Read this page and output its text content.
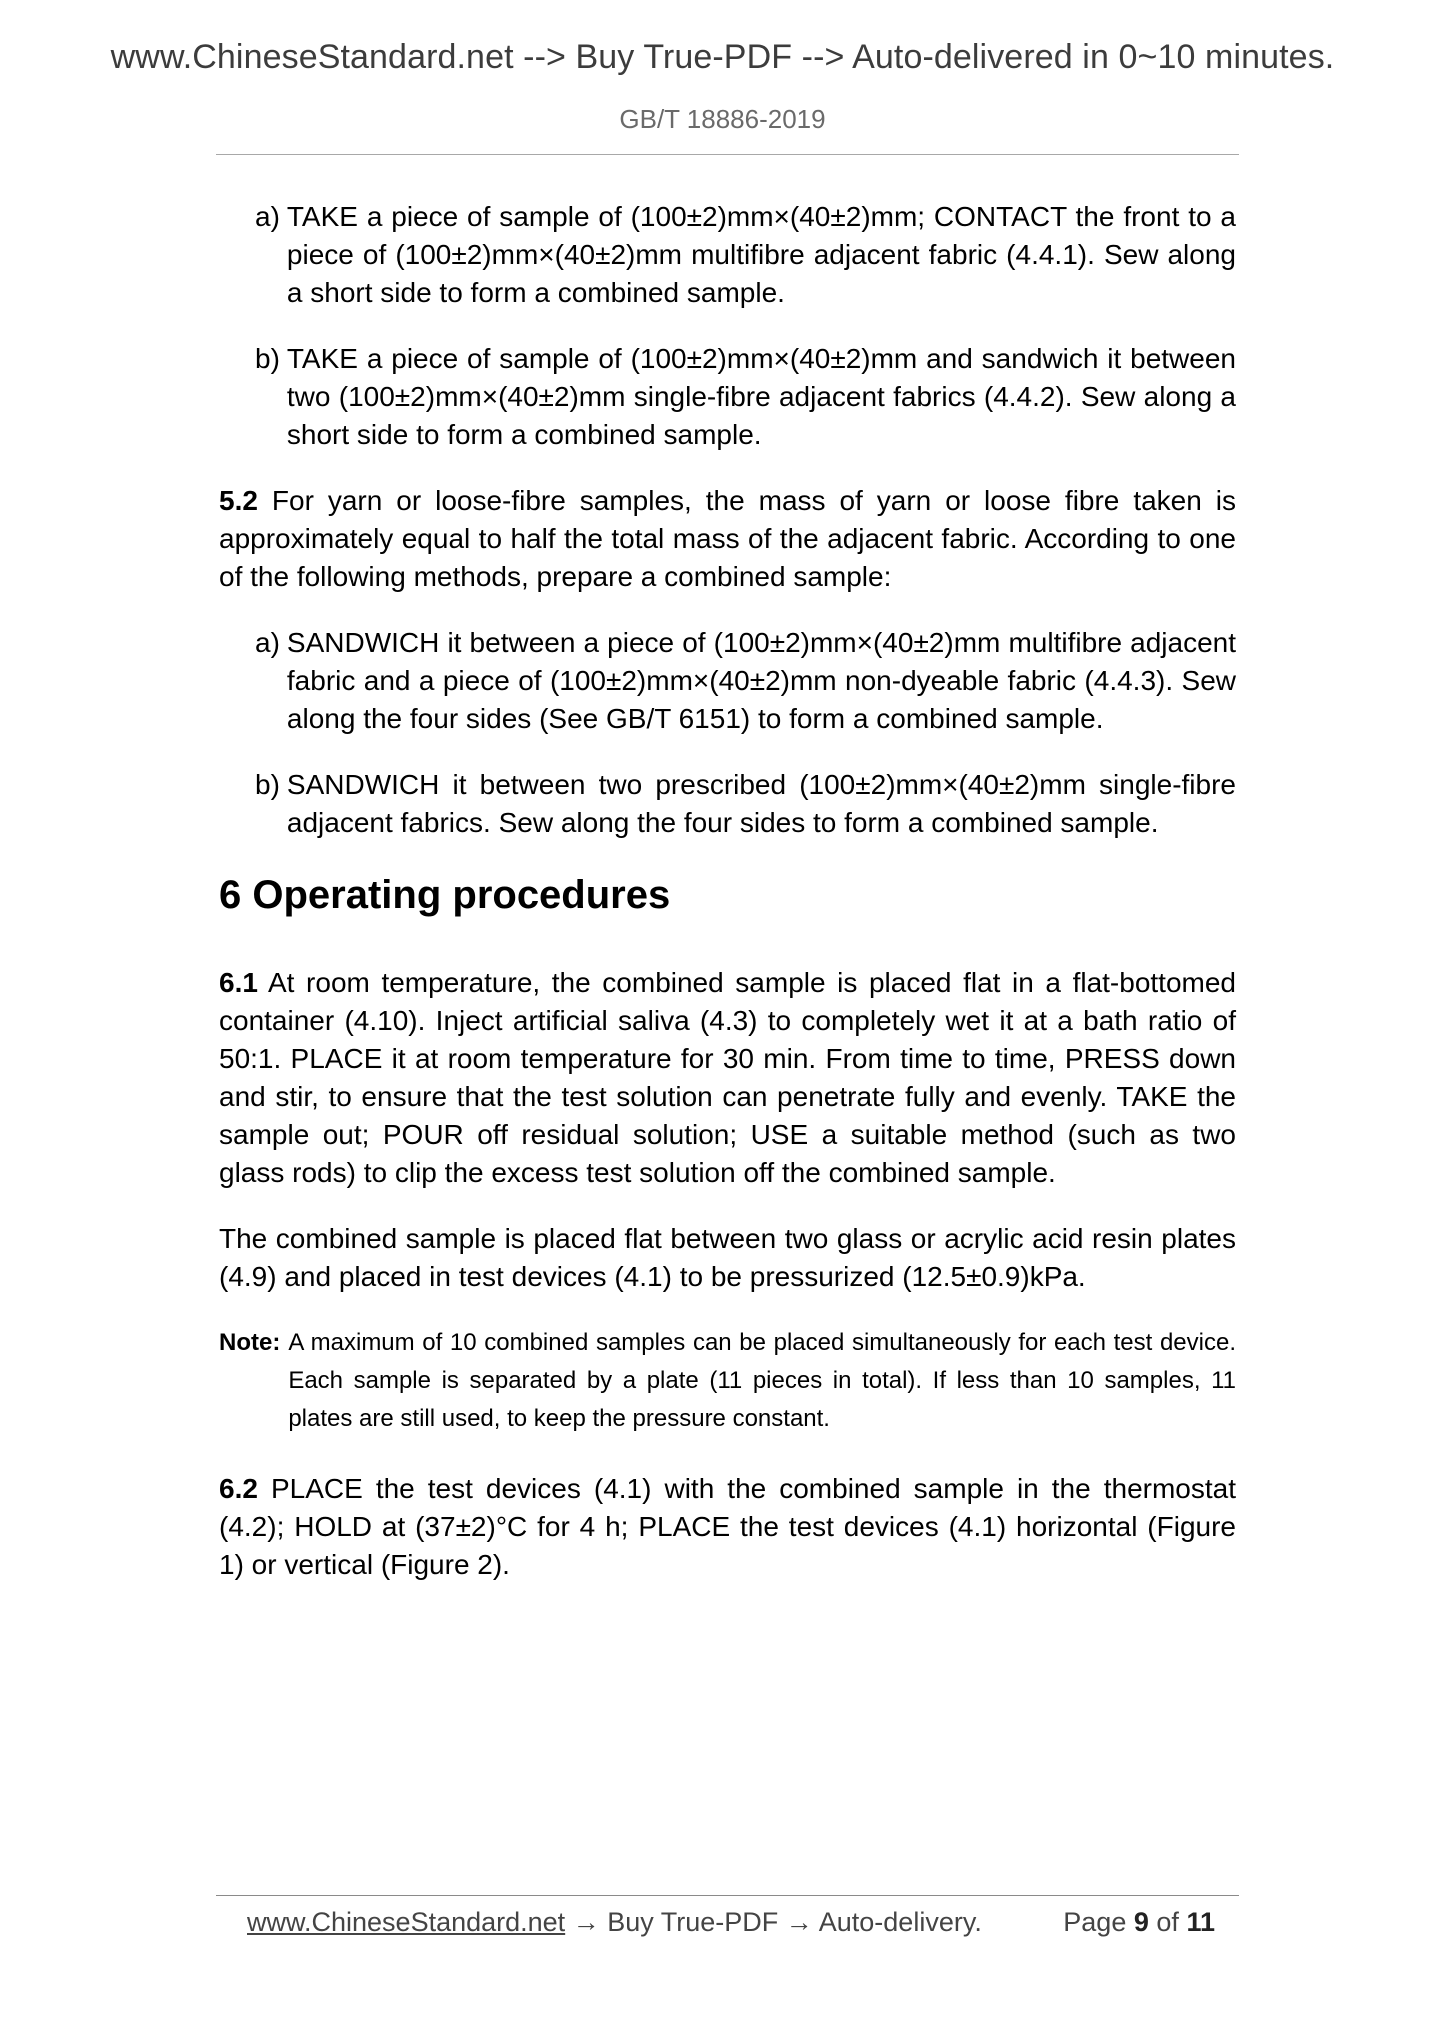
www.ChineseStandard.net --> Buy True-PDF --> Auto-delivered in 0~10 minutes.
GB/T 18886-2019
a) TAKE a piece of sample of (100±2)mm×(40±2)mm; CONTACT the front to a piece of (100±2)mm×(40±2)mm multifibre adjacent fabric (4.4.1). Sew along a short side to form a combined sample.

b) TAKE a piece of sample of (100±2)mm×(40±2)mm and sandwich it between two (100±2)mm×(40±2)mm single-fibre adjacent fabrics (4.4.2). Sew along a short side to form a combined sample.

5.2 For yarn or loose-fibre samples, the mass of yarn or loose fibre taken is approximately equal to half the total mass of the adjacent fabric. According to one of the following methods, prepare a combined sample:

a) SANDWICH it between a piece of (100±2)mm×(40±2)mm multifibre adjacent fabric and a piece of (100±2)mm×(40±2)mm non-dyeable fabric (4.4.3). Sew along the four sides (See GB/T 6151) to form a combined sample.

b) SANDWICH it between two prescribed (100±2)mm×(40±2)mm single-fibre adjacent fabrics. Sew along the four sides to form a combined sample.

6 Operating procedures

6.1 At room temperature, the combined sample is placed flat in a flat-bottomed container (4.10). Inject artificial saliva (4.3) to completely wet it at a bath ratio of 50:1. PLACE it at room temperature for 30 min. From time to time, PRESS down and stir, to ensure that the test solution can penetrate fully and evenly. TAKE the sample out; POUR off residual solution; USE a suitable method (such as two glass rods) to clip the excess test solution off the combined sample.

The combined sample is placed flat between two glass or acrylic acid resin plates (4.9) and placed in test devices (4.1) to be pressurized (12.5±0.9)kPa.

Note: A maximum of 10 combined samples can be placed simultaneously for each test device. Each sample is separated by a plate (11 pieces in total). If less than 10 samples, 11 plates are still used, to keep the pressure constant.

6.2 PLACE the test devices (4.1) with the combined sample in the thermostat (4.2); HOLD at (37±2)°C for 4 h; PLACE the test devices (4.1) horizontal (Figure 1) or vertical (Figure 2).

www.ChineseStandard.net → Buy True-PDF → Auto-delivery.	Page 9 of 11
